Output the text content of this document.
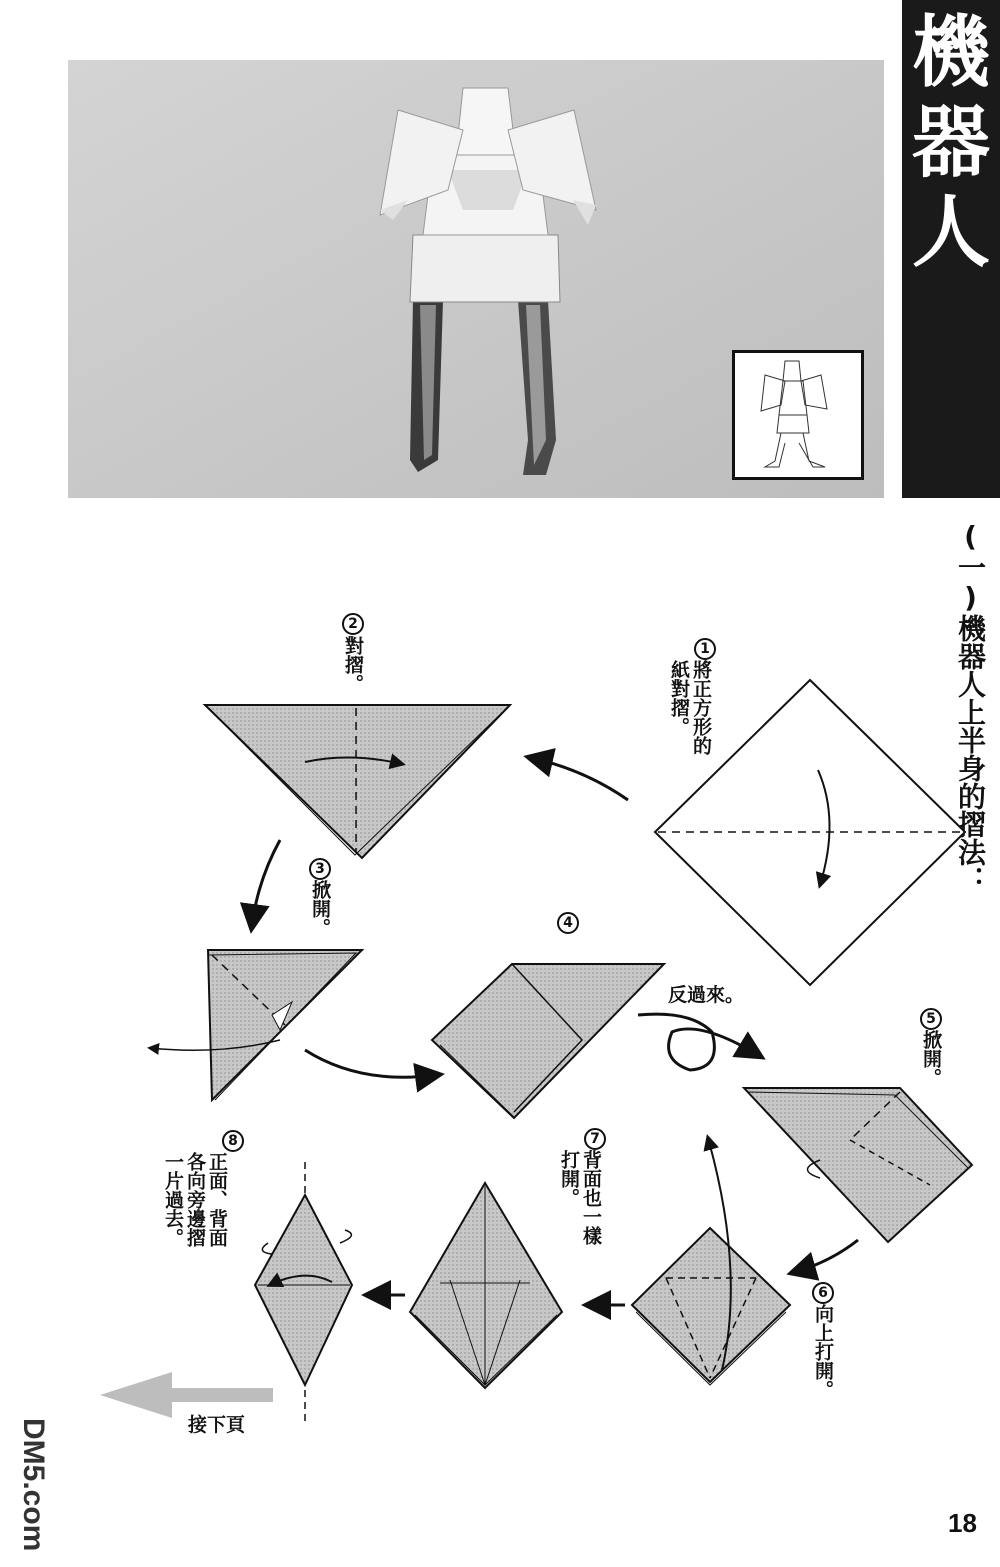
機器人
(一)機器人上半身的摺法：
1
將正方形的紙對摺。
2
對摺。
3
掀開。	4
反過來。
5
掀開。
6
向上打開。
7
背面也一樣打開。
8
正面、背面各向旁邊摺一片過去。
接下頁
18
DM5.com
